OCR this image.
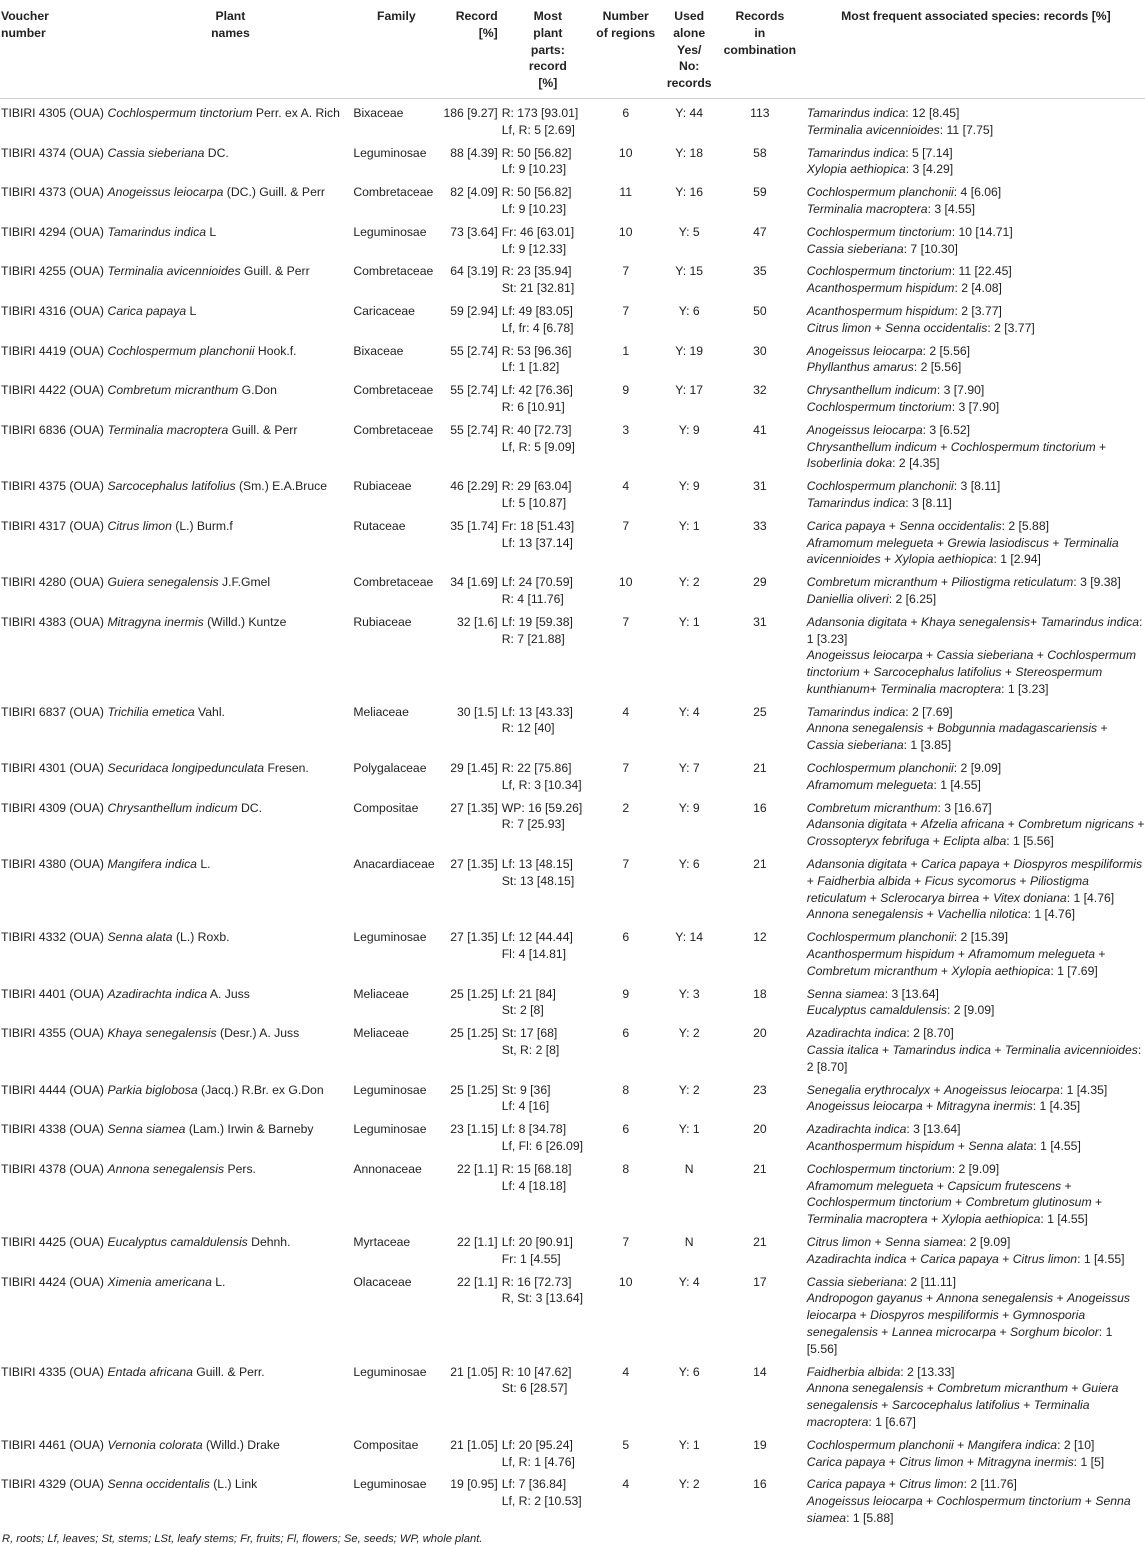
Voucher
number	Plant
names	Family	Record
[%]	Most
plant
parts:
record
[%]	Number
of regions	Used
alone
Yes/
No:
records	Records
in combination	Most frequent associated species: records [%]
TIBIRI 4305 (OUA)	Cochlospermum tinctorium Perr. ex A. Rich	Bixaceae	186 [9.27]	R: 173 [93.01]
Lf, R: 5 [2.69]	6	Y: 44	113	Tamarindus indica: 12 [8.45]
Terminalia avicennioides: 11 [7.75]

TIBIRI 4374 (OUA)	Cassia sieberiana DC.	Leguminosae	88 [4.39]	R: 50 [56.82]
Lf: 9 [10.23]	10	Y: 18	58	Tamarindus indica: 5 [7.14]
Xylopia aethiopica: 3 [4.29]

TIBIRI 4373 (OUA)	Anogeissus leiocarpa (DC.) Guill. & Perr	Combretaceae	82 [4.09]	R: 50 [56.82]
Lf: 9 [10.23]	11	Y: 16	59	Cochlospermum planchonii: 4 [6.06]
Terminalia macroptera: 3 [4.55]

TIBIRI 4294 (OUA)	Tamarindus indica L	Leguminosae	73 [3.64]	Fr: 46 [63.01]
Lf: 9 [12.33]	10	Y: 5	47	Cochlospermum tinctorium: 10 [14.71]
Cassia sieberiana: 7 [10.30]

TIBIRI 4255 (OUA)	Terminalia avicennioides Guill. & Perr	Combretaceae	64 [3.19]	R: 23 [35.94]
St: 21 [32.81]	7	Y: 15	35	Cochlospermum tinctorium: 11 [22.45]
Acanthospermum hispidum: 2 [4.08]

TIBIRI 4316 (OUA)	Carica papaya L	Caricaceae	59 [2.94]	Lf: 49 [83.05]
Lf, fr: 4 [6.78]	7	Y: 6	50	Acanthospermum hispidum: 2 [3.77]
Citrus limon + Senna occidentalis: 2 [3.77]

TIBIRI 4419 (OUA)	Cochlospermum planchonii Hook.f.	Bixaceae	55 [2.74]	R: 53 [96.36]
Lf: 1 [1.82]	1	Y: 19	30	Anogeissus leiocarpa: 2 [5.56]
Phyllanthus amarus: 2 [5.56]

TIBIRI 4422 (OUA)	Combretum micranthum G.Don	Combretaceae	55 [2.74]	Lf: 42 [76.36]
R: 6 [10.91]	9	Y: 17	32	Chrysanthellum indicum: 3 [7.90]
Cochlospermum tinctorium: 3 [7.90]

TIBIRI 6836 (OUA)	Terminalia macroptera Guill. & Perr	Combretaceae	55 [2.74]	R: 40 [72.73]
Lf, R: 5 [9.09]	3	Y: 9	41	Anogeissus leiocarpa: 3 [6.52]
Chrysanthellum indicum + Cochlospermum tinctorium + Isoberlinia doka: 2 [4.35]

TIBIRI 4375 (OUA)	Sarcocephalus latifolius (Sm.) E.A.Bruce	Rubiaceae	46 [2.29]	R: 29 [63.04]
Lf: 5 [10.87]	4	Y: 9	31	Cochlospermum planchonii: 3 [8.11]
Tamarindus indica: 3 [8.11]

TIBIRI 4317 (OUA)	Citrus limon (L.) Burm.f	Rutaceae	35 [1.74]	Fr: 18 [51.43]
Lf: 13 [37.14]	7	Y: 1	33	Carica papaya + Senna occidentalis: 2 [5.88]
Aframomum melegueta + Grewia lasiodiscus + Terminalia avicennioides + Xylopia aethiopica: 1 [2.94]

TIBIRI 4280 (OUA)	Guiera senegalensis J.F.Gmel	Combretaceae	34 [1.69]	Lf: 24 [70.59]
R: 4 [11.76]	10	Y: 2	29	Combretum micranthum + Piliostigma reticulatum: 3 [9.38]
Daniellia oliveri: 2 [6.25]

TIBIRI 4383 (OUA)	Mitragyna inermis (Willd.) Kuntze	Rubiaceae	32 [1.6]	Lf: 19 [59.38]
R: 7 [21.88]	7	Y: 1	31	Adansonia digitata + Khaya senegalensis+ Tamarindus indica: 1 [3.23]
Anogeissus leiocarpa + Cassia sieberiana + Cochlospermum tinctorium + Sarcocephalus latifolius + Stereospermum kunthianum+ Terminalia macroptera: 1 [3.23]

TIBIRI 6837 (OUA)	Trichilia emetica Vahl.	Meliaceae	30 [1.5]	Lf: 13 [43.33]
R: 12 [40]	4	Y: 4	25	Tamarindus indica: 2 [7.69]
Annona senegalensis + Bobgunnia madagascariensis + Cassia sieberiana: 1 [3.85]

TIBIRI 4301 (OUA)	Securidaca longipedunculata Fresen.	Polygalaceae	29 [1.45]	R: 22 [75.86]
Lf, R: 3 [10.34]	7	Y: 7	21	Cochlospermum planchonii: 2 [9.09]
Aframomum melegueta: 1 [4.55]

TIBIRI 4309 (OUA)	Chrysanthellum indicum DC.	Compositae	27 [1.35]	WP: 16 [59.26]
R: 7 [25.93]	2	Y: 9	16	Combretum micranthum: 3 [16.67]
Adansonia digitata + Afzelia africana + Combretum nigricans + Crossopteryx febrifuga + Eclipta alba: 1 [5.56]

TIBIRI 4380 (OUA)	Mangifera indica L.	Anacardiaceae	27 [1.35]	Lf: 13 [48.15]
St: 13 [48.15]	7	Y: 6	21	Adansonia digitata + Carica papaya + Diospyros mespiliformis + Faidherbia albida + Ficus sycomorus + Piliostigma reticulatum + Sclerocarya birrea + Vitex doniana: 1 [4.76]
Annona senegalensis + Vachellia nilotica: 1 [4.76]

TIBIRI 4332 (OUA)	Senna alata (L.) Roxb.	Leguminosae	27 [1.35]	Lf: 12 [44.44]
Fl: 4 [14.81]	6	Y: 14	12	Cochlospermum planchonii: 2 [15.39]
Acanthospermum hispidum + Aframomum melegueta + Combretum micranthum + Xylopia aethiopica: 1 [7.69]

TIBIRI 4401 (OUA)	Azadirachta indica A. Juss	Meliaceae	25 [1.25]	Lf: 21 [84]
St: 2 [8]	9	Y: 3	18	Senna siamea: 3 [13.64]
Eucalyptus camaldulensis: 2 [9.09]

TIBIRI 4355 (OUA)	Khaya senegalensis (Desr.) A. Juss	Meliaceae	25 [1.25]	St: 17 [68]
St, R: 2 [8]	6	Y: 2	20	Azadirachta indica: 2 [8.70]
Cassia italica + Tamarindus indica + Terminalia avicennioides: 2 [8.70]

TIBIRI 4444 (OUA)	Parkia biglobosa (Jacq.) R.Br. ex G.Don	Leguminosae	25 [1.25]	St: 9 [36]
Lf: 4 [16]	8	Y: 2	23	Senegalia erythrocalyx + Anogeissus leiocarpa: 1 [4.35]
Anogeissus leiocarpa + Mitragyna inermis: 1 [4.35]

TIBIRI 4338 (OUA)	Senna siamea (Lam.) Irwin & Barneby	Leguminosae	23 [1.15]	Lf: 8 [34.78]
Lf, Fl: 6 [26.09]	6	Y: 1	20	Azadirachta indica: 3 [13.64]
Acanthospermum hispidum + Senna alata: 1 [4.55]

TIBIRI 4378 (OUA)	Annona senegalensis Pers.	Annonaceae	22 [1.1]	R: 15 [68.18]
Lf: 4 [18.18]	8	N	21	Cochlospermum tinctorium: 2 [9.09]
Aframomum melegueta + Capsicum frutescens + Cochlospermum tinctorium + Combretum glutinosum + Terminalia macroptera + Xylopia aethiopica: 1 [4.55]

TIBIRI 4425 (OUA)	Eucalyptus camaldulensis Dehnh.	Myrtaceae	22 [1.1]	Lf: 20 [90.91]
Fr: 1 [4.55]	7	N	21	Citrus limon + Senna siamea: 2 [9.09]
Azadirachta indica + Carica papaya + Citrus limon: 1 [4.55]

TIBIRI 4424 (OUA)	Ximenia americana L.	Olacaceae	22 [1.1]	R: 16 [72.73]
R, St: 3 [13.64]	10	Y: 4	17	Cassia sieberiana: 2 [11.11]
Andropogon gayanus + Annona senegalensis + Anogeissus leiocarpa + Diospyros mespiliformis + Gymnosporia senegalensis + Lannea microcarpa + Sorghum bicolor: 1 [5.56]

TIBIRI 4335 (OUA)	Entada africana Guill. & Perr.	Leguminosae	21 [1.05]	R: 10 [47.62]
St: 6 [28.57]	4	Y: 6	14	Faidherbia albida: 2 [13.33]
Annona senegalensis + Combretum micranthum + Guiera senegalensis + Sarcocephalus latifolius + Terminalia macroptera: 1 [6.67]

TIBIRI 4461 (OUA)	Vernonia colorata (Willd.) Drake	Compositae	21 [1.05]	Lf: 20 [95.24]
Lf, R: 1 [4.76]	5	Y: 1	19	Cochlospermum planchonii + Mangifera indica: 2 [10]
Carica papaya + Citrus limon + Mitragyna inermis: 1 [5]

TIBIRI 4329 (OUA)	Senna occidentalis (L.) Link	Leguminosae	19 [0.95]	Lf: 7 [36.84]
Lf, R: 2 [10.53]	4	Y: 2	16	Carica papaya + Citrus limon: 2 [11.76]
Anogeissus leiocarpa + Cochlospermum tinctorium + Senna siamea: 1 [5.88]
R, roots; Lf, leaves; St, stems; LSt, leafy stems; Fr, fruits; Fl, flowers; Se, seeds; WP, whole plant.
